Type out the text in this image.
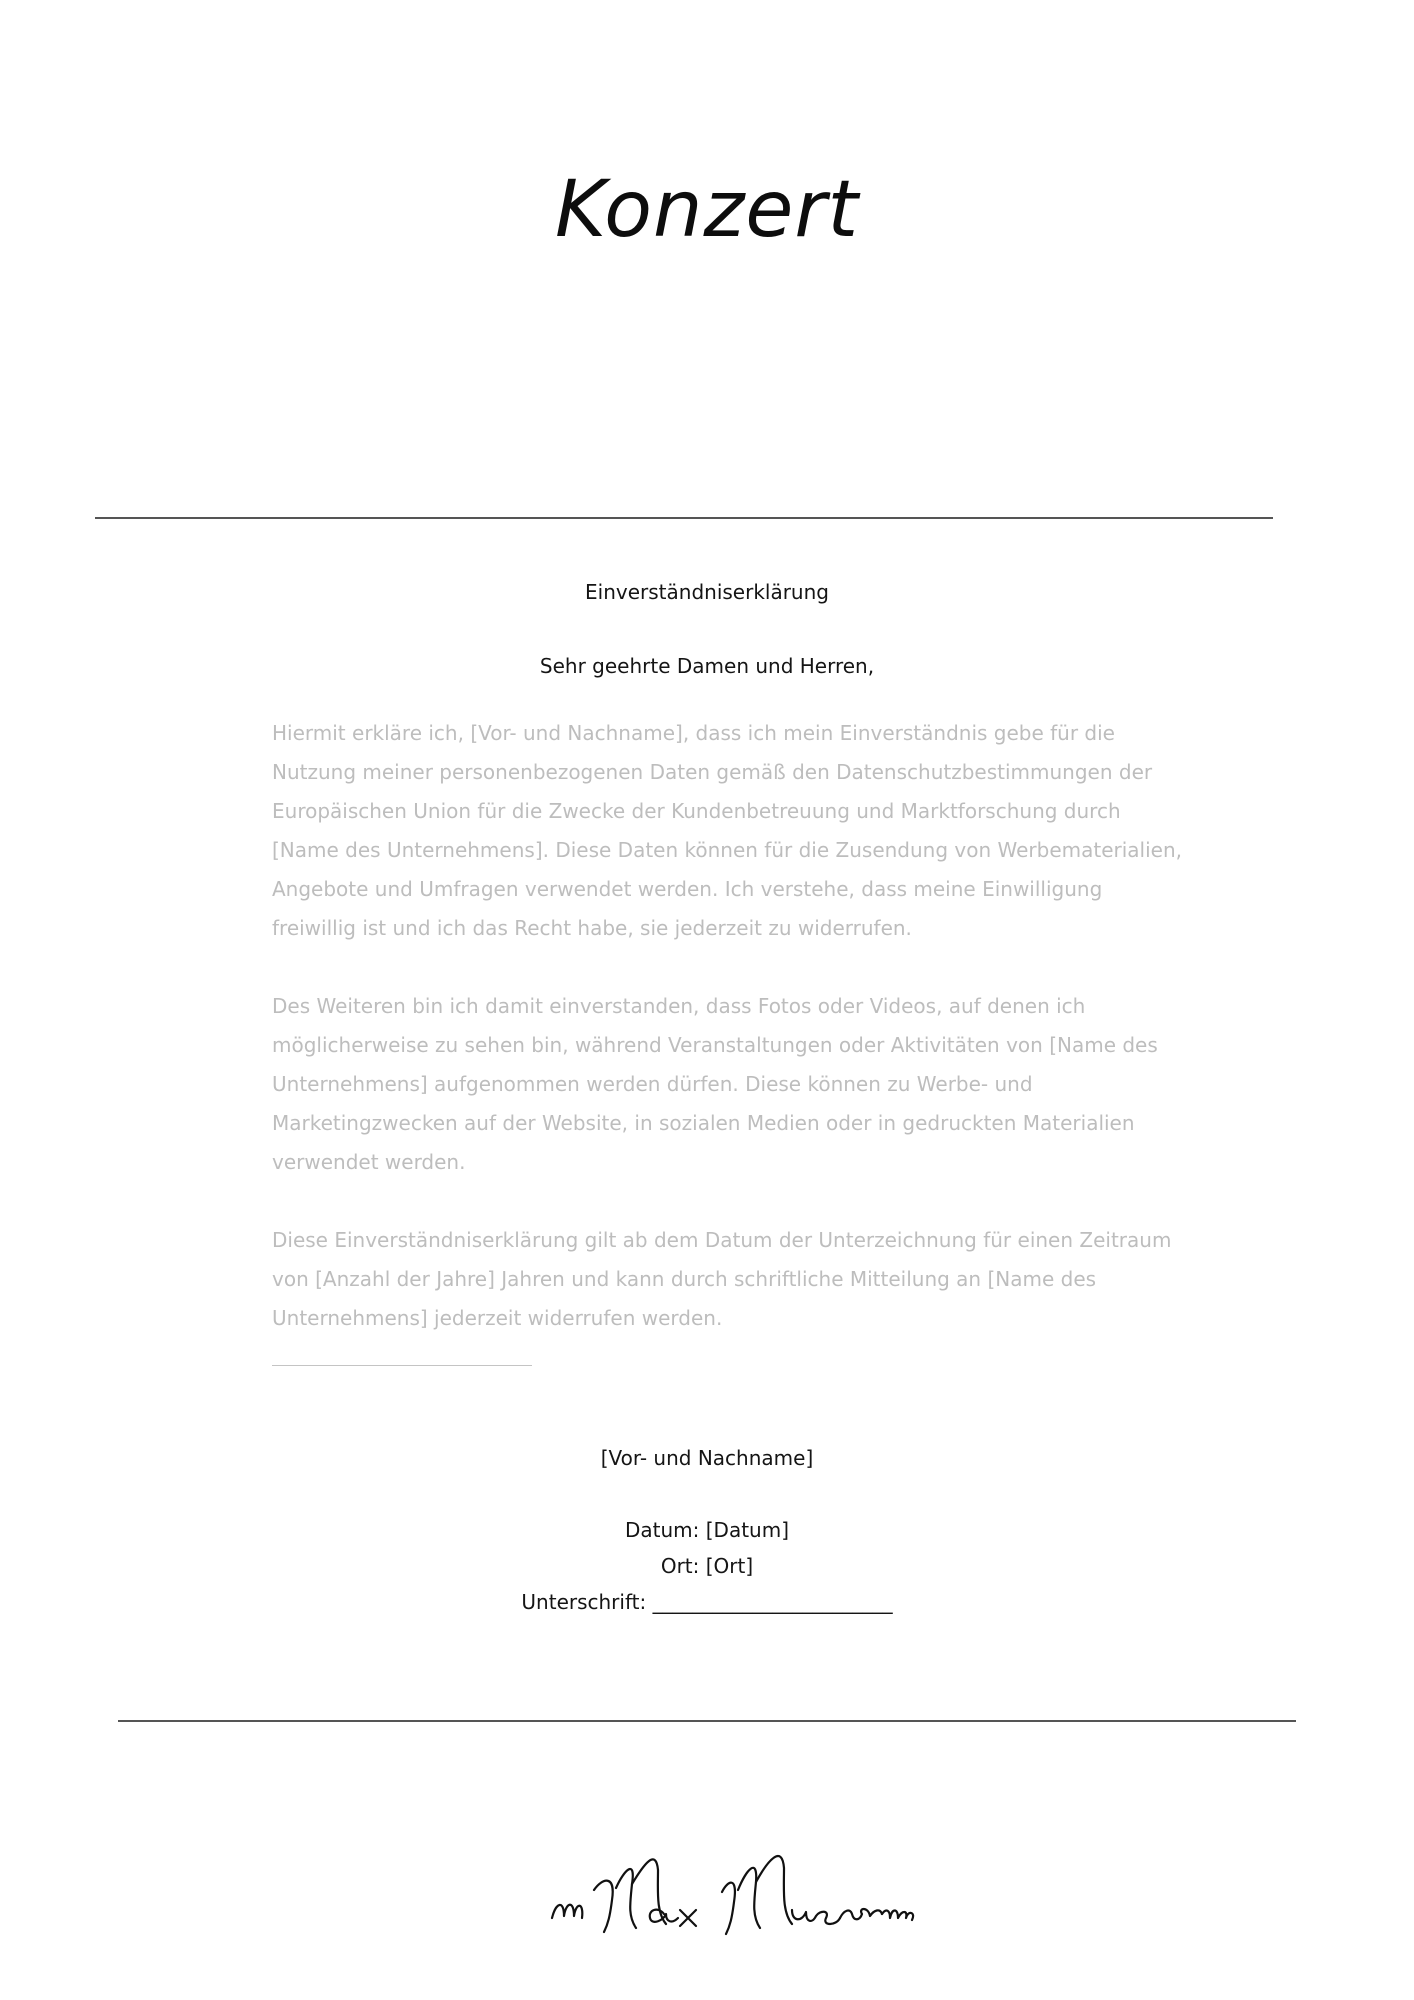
Konzert
Einverständniserklärung
Sehr geehrte Damen und Herren,

Hiermit erkläre ich, [Vor- und Nachname], dass ich mein Einverständnis gebe für die Nutzung meiner personenbezogenen Daten gemäß den Datenschutzbestimmungen der Europäischen Union für die Zwecke der Kundenbetreuung und Marktforschung durch [Name des Unternehmens]. Diese Daten können für die Zusendung von Werbematerialien, Angebote und Umfragen verwendet werden. Ich verstehe, dass meine Einwilligung freiwillig ist und ich das Recht habe, sie jederzeit zu widerrufen.

Des Weiteren bin ich damit einverstanden, dass Fotos oder Videos, auf denen ich möglicherweise zu sehen bin, während Veranstaltungen oder Aktivitäten von [Name des Unternehmens] aufgenommen werden dürfen. Diese können zu Werbe- und Marketingzwecken auf der Website, in sozialen Medien oder in gedruckten Materialien verwendet werden.

Diese Einverständniserklärung gilt ab dem Datum der Unterzeichnung für einen Zeitraum von [Anzahl der Jahre] Jahren und kann durch schriftliche Mitteilung an [Name des Unternehmens] jederzeit widerrufen werden.

[Vor- und Nachname]
Datum: [Datum]
Ort: [Ort]
Unterschrift: ________________________
